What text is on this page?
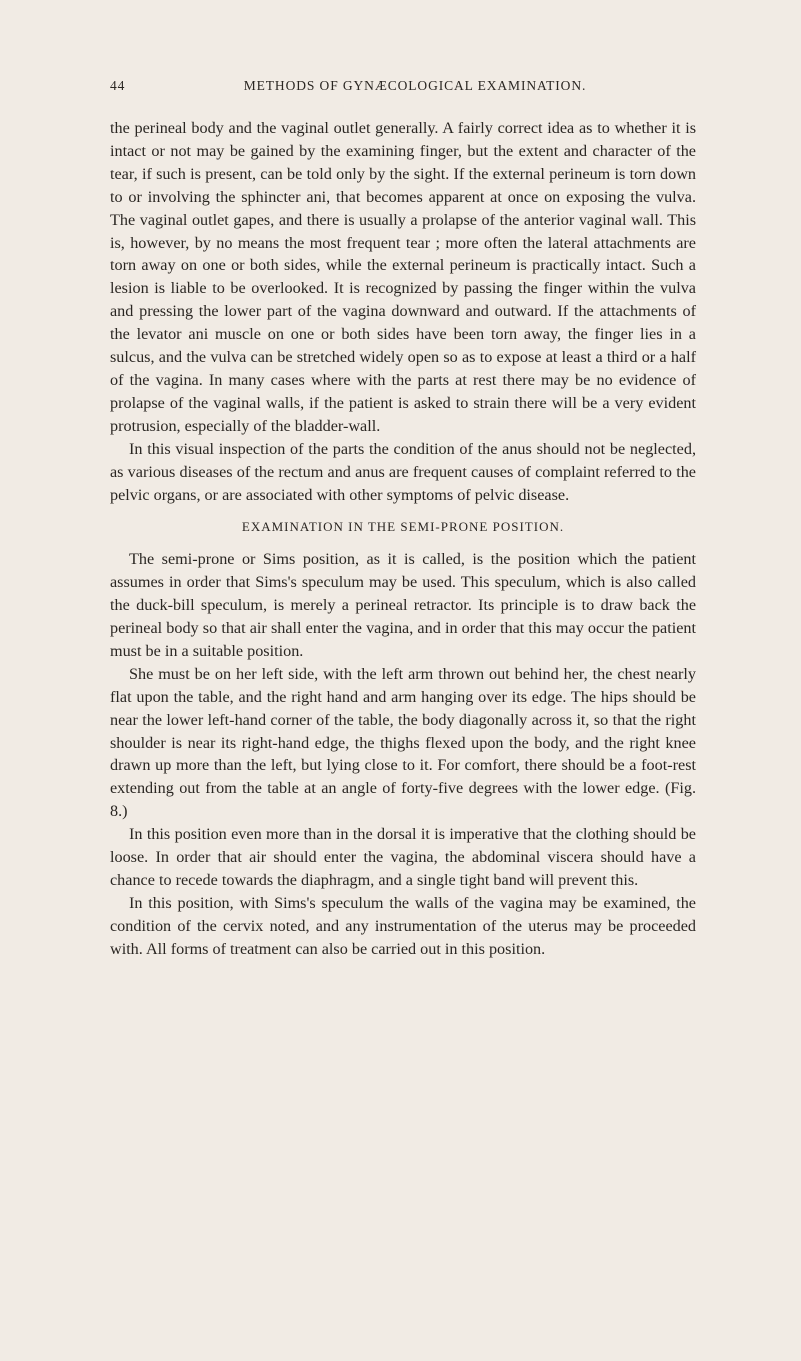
44	METHODS OF GYNÆCOLOGICAL EXAMINATION.

the perineal body and the vaginal outlet generally. A fairly correct idea as to whether it is intact or not may be gained by the examining finger, but the extent and character of the tear, if such is present, can be told only by the sight. If the external perineum is torn down to or involving the sphincter ani, that becomes apparent at once on exposing the vulva. The vaginal outlet gapes, and there is usually a prolapse of the anterior vaginal wall. This is, however, by no means the most frequent tear ; more often the lateral attachments are torn away on one or both sides, while the external perineum is practically intact. Such a lesion is liable to be overlooked. It is recognized by passing the finger within the vulva and pressing the lower part of the vagina downward and outward. If the attachments of the levator ani muscle on one or both sides have been torn away, the finger lies in a sulcus, and the vulva can be stretched widely open so as to expose at least a third or a half of the vagina. In many cases where with the parts at rest there may be no evidence of prolapse of the vaginal walls, if the patient is asked to strain there will be a very evident protrusion, especially of the bladder-wall.

In this visual inspection of the parts the condition of the anus should not be neglected, as various diseases of the rectum and anus are frequent causes of complaint referred to the pelvic organs, or are associated with other symptoms of pelvic disease.

EXAMINATION IN THE SEMI-PRONE POSITION.

The semi-prone or Sims position, as it is called, is the position which the patient assumes in order that Sims's speculum may be used. This speculum, which is also called the duck-bill speculum, is merely a perineal retractor. Its principle is to draw back the perineal body so that air shall enter the vagina, and in order that this may occur the patient must be in a suitable position.

She must be on her left side, with the left arm thrown out behind her, the chest nearly flat upon the table, and the right hand and arm hanging over its edge. The hips should be near the lower left-hand corner of the table, the body diagonally across it, so that the right shoulder is near its right-hand edge, the thighs flexed upon the body, and the right knee drawn up more than the left, but lying close to it. For comfort, there should be a foot-rest extending out from the table at an angle of forty-five degrees with the lower edge. (Fig. 8.)

In this position even more than in the dorsal it is imperative that the clothing should be loose. In order that air should enter the vagina, the abdominal viscera should have a chance to recede towards the diaphragm, and a single tight band will prevent this.

In this position, with Sims's speculum the walls of the vagina may be examined, the condition of the cervix noted, and any instrumentation of the uterus may be proceeded with. All forms of treatment can also be carried out in this position.
